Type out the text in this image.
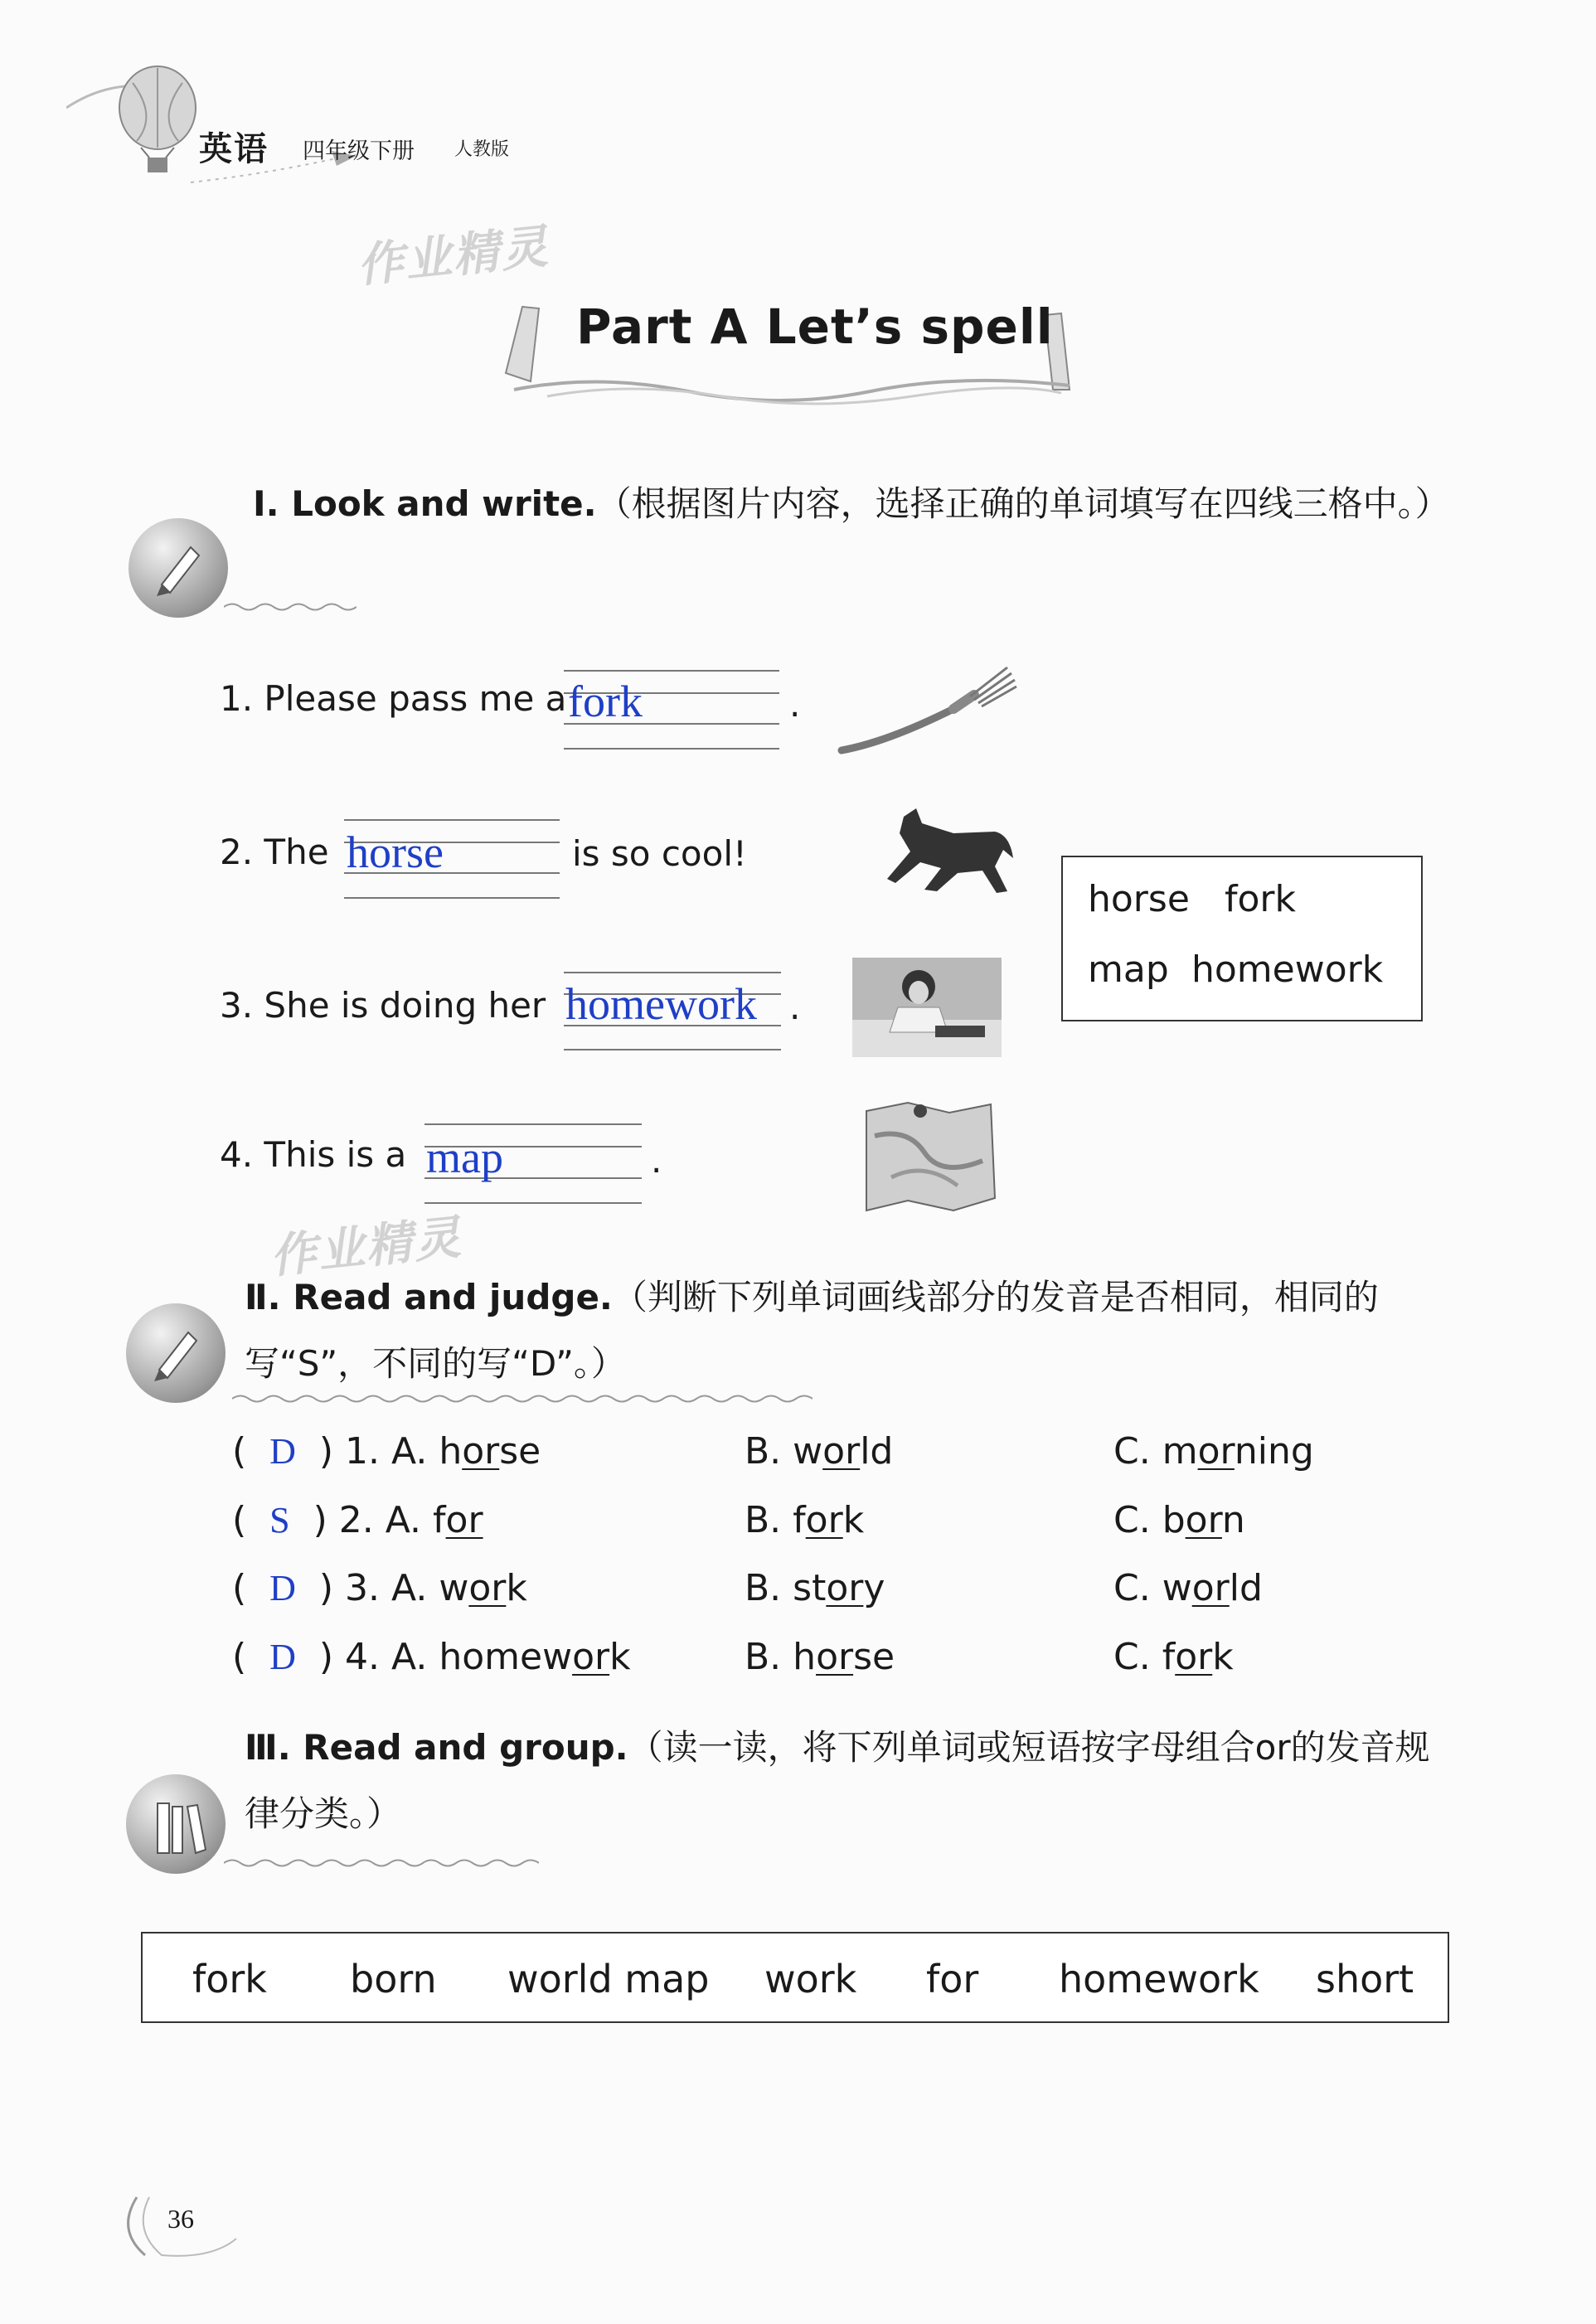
英语 四年级下册 人教版
作业精灵
Part A Let’s spell
Ⅰ. Look and write.（根据图片内容，选择正确的单词填写在四线三格中。）
1. Please pass me a fork	.
2. The horse	is so cool!
horse fork
map homework
3. She is doing her homework .
4. This is a map	.
作业精灵
Ⅱ. Read and judge.（判断下列单词画线部分的发音是否相同，相同的写“S”，不同的写“D”。）
(  D  ) 1. A. horse	B. world	C. morning
(  S  ) 2. A. for	B. fork	C. born
(  D  ) 3. A. work	B. story	C. world
(  D  ) 4. A. homework	B. horse	C. fork
Ⅲ. Read and group.（读一读，将下列单词或短语按字母组合or的发音规律分类。）
fork born world map work for homework short
36
